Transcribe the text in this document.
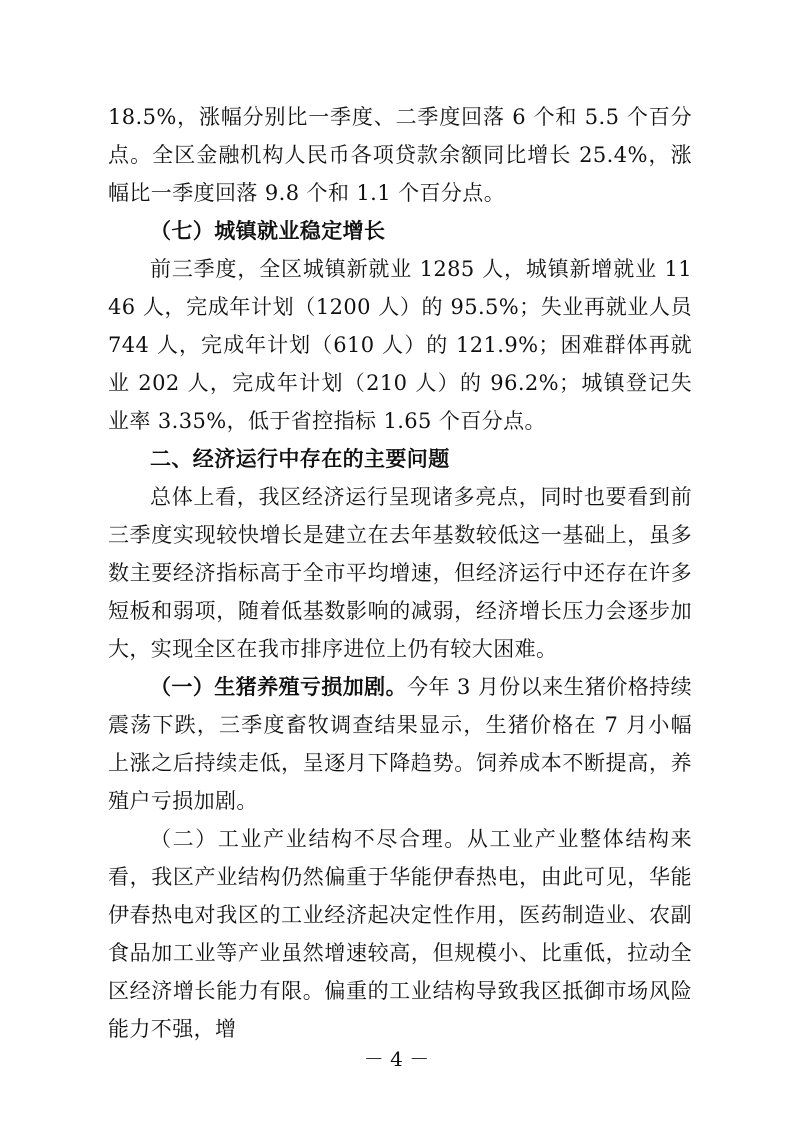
18.5%，涨幅分别比一季度、二季度回落 6 个和 5.5 个百分点。全区金融机构人民币各项贷款余额同比增长 25.4%，涨幅比一季度回落 9.8 个和 1.1 个百分点。

（七）城镇就业稳定增长

前三季度，全区城镇新就业 1285 人，城镇新增就业 1146 人，完成年计划（1200 人）的 95.5%；失业再就业人员 744 人，完成年计划（610 人）的 121.9%；困难群体再就业 202 人，完成年计划（210 人）的 96.2%；城镇登记失业率 3.35%，低于省控指标 1.65 个百分点。

二、经济运行中存在的主要问题

总体上看，我区经济运行呈现诸多亮点，同时也要看到前三季度实现较快增长是建立在去年基数较低这一基础上，虽多数主要经济指标高于全市平均增速，但经济运行中还存在许多短板和弱项，随着低基数影响的减弱，经济增长压力会逐步加大，实现全区在我市排序进位上仍有较大困难。

（一）生猪养殖亏损加剧。今年 3 月份以来生猪价格持续震荡下跌，三季度畜牧调查结果显示，生猪价格在 7 月小幅上涨之后持续走低，呈逐月下降趋势。饲养成本不断提高，养殖户亏损加剧。

（二）工业产业结构不尽合理。从工业产业整体结构来看，我区产业结构仍然偏重于华能伊春热电，由此可见，华能伊春热电对我区的工业经济起决定性作用，医药制造业、农副食品加工业等产业虽然增速较高，但规模小、比重低，拉动全区经济增长能力有限。偏重的工业结构导致我区抵御市场风险能力不强，增

－ 4 －
